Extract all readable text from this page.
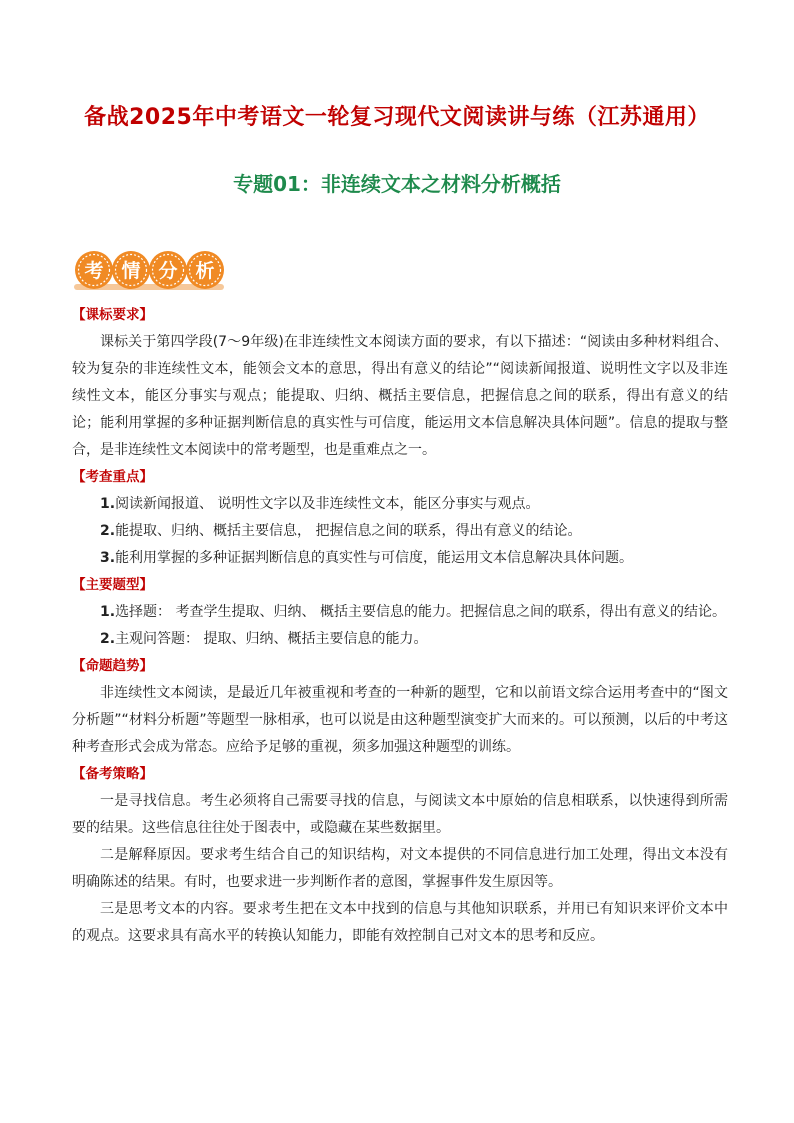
备战2025年中考语文一轮复习现代文阅读讲与练（江苏通用）
专题01：非连续文本之材料分析概括
考 情 分 析

【课标要求】

课标关于第四学段(7～9年级)在非连续性文本阅读方面的要求，有以下描述：“阅读由多种材料组合、较为复杂的非连续性文本，能领会文本的意思，得出有意义的结论”“阅读新闻报道、说明性文字以及非连续性文本，能区分事实与观点；能提取、归纳、概括主要信息，把握信息之间的联系，得出有意义的结论；能利用掌握的多种证据判断信息的真实性与可信度，能运用文本信息解决具体问题”。信息的提取与整合，是非连续性文本阅读中的常考题型，也是重难点之一。

【考查重点】

1.阅读新闻报道、 说明性文字以及非连续性文本，能区分事实与观点。

2.能提取、归纳、概括主要信息， 把握信息之间的联系，得出有意义的结论。

3.能利用掌握的多种证据判断信息的真实性与可信度，能运用文本信息解决具体问题。

【主要题型】

1.选择题： 考查学生提取、归纳、 概括主要信息的能力。把握信息之间的联系，得出有意义的结论。

2.主观问答题： 提取、归纳、概括主要信息的能力。

【命题趋势】

非连续性文本阅读，是最近几年被重视和考查的一种新的题型，它和以前语文综合运用考查中的“图文分析题”“材料分析题”等题型一脉相承，也可以说是由这种题型演变扩大而来的。可以预测，以后的中考这种考查形式会成为常态。应给予足够的重视，须多加强这种题型的训练。

【备考策略】

一是寻找信息。考生必须将自己需要寻找的信息，与阅读文本中原始的信息相联系，以快速得到所需要的结果。这些信息往往处于图表中，或隐藏在某些数据里。

二是解释原因。要求考生结合自己的知识结构，对文本提供的不同信息进行加工处理，得出文本没有明确陈述的结果。有时，也要求进一步判断作者的意图，掌握事件发生原因等。

三是思考文本的内容。要求考生把在文本中找到的信息与其他知识联系，并用已有知识来评价文本中的观点。这要求具有高水平的转换认知能力，即能有效控制自己对文本的思考和反应。
